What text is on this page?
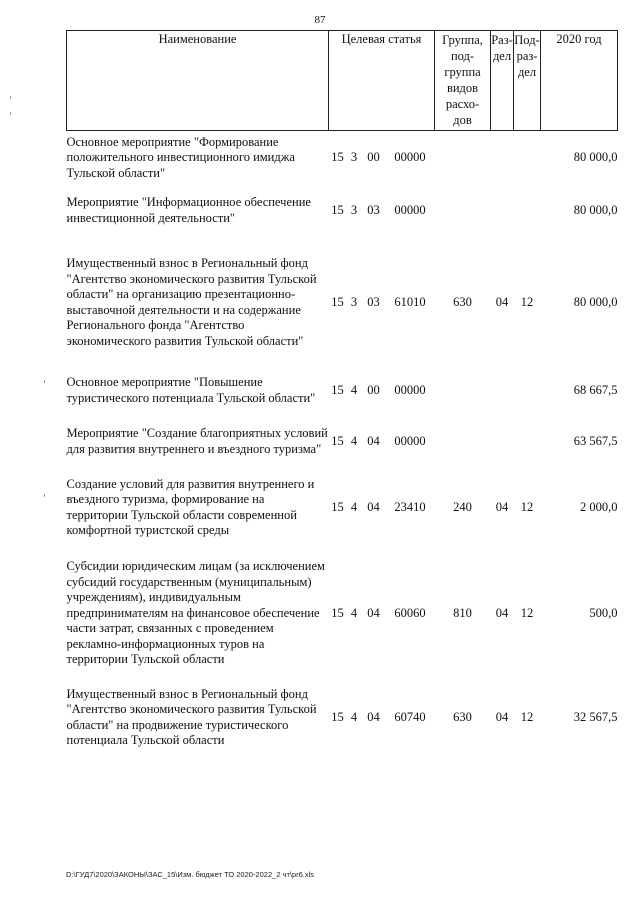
87
Наименование	Целевая статья				Группа, под- группа видов расхо- дов	Раз- дел	Под- раз- дел	2020 год
Основное мероприятие "Формирование положительного инвестиционного имиджа Тульской области"	15	3	00	00000				80 000,0
Мероприятие "Информационное обеспечение инвестиционной деятельности"	15	3	03	00000				80 000,0
Имущественный взнос в Региональный фонд "Агентство экономического развития Тульской области" на организацию презентационно-выставочной деятельности и на содержание Регионального фонда "Агентство экономического развития Тульской области"	15	3	03	61010	630	04	12	80 000,0
Основное мероприятие "Повышение туристического потенциала Тульской области"	15	4	00	00000				68 667,5
Мероприятие "Создание благоприятных условий для развития внутреннего и въездного туризма"	15	4	04	00000				63 567,5
Создание условий для развития внутреннего и въездного туризма, формирование на территории Тульской области современной комфортной туристской среды	15	4	04	23410	240	04	12	2 000,0
Субсидии юридическим лицам (за исключением субсидий государственным (муниципальным) учреждениям), индивидуальным предпринимателям на финансовое обеспечение части затрат, связанных с проведением рекламно-информационных туров на территории Тульской области	15	4	04	60060	810	04	12	500,0
Имущественный взнос в Региональный фонд "Агентство экономического развития Тульской области" на продвижение туристического потенциала Тульской области	15	4	04	60740	630	04	12	32 567,5
D:\ГУД7\2020\ЗАКОНЫ\ЗАС_15\Изм. бюджет ТО 2020-2022_2 чт\pr6.xls
